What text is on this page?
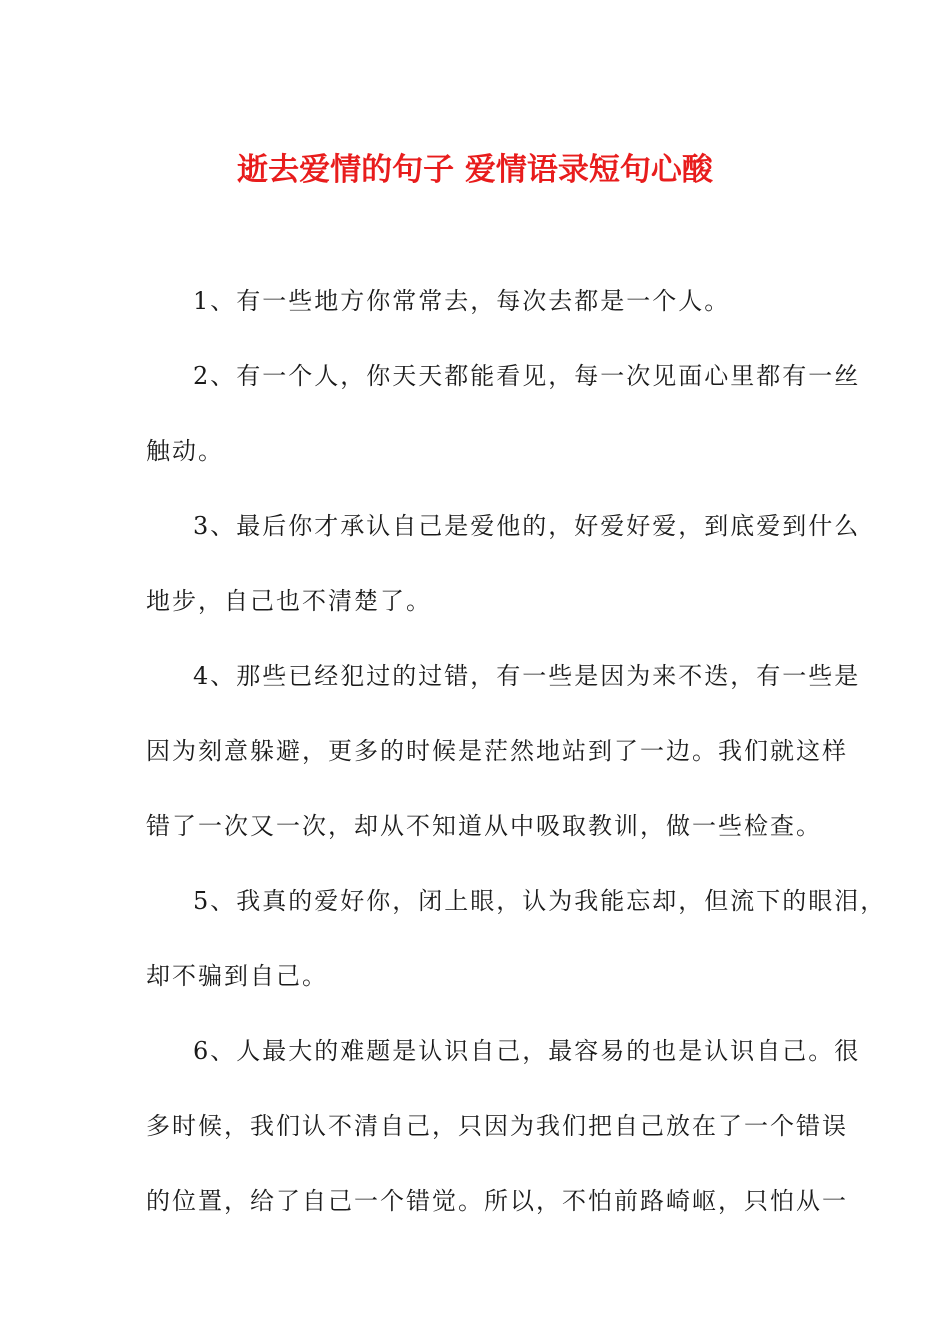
逝去爱情的句子 爱情语录短句心酸
1、有一些地方你常常去，每次去都是一个人。
2、有一个人，你天天都能看见，每一次见面心里都有一丝
触动。
3、最后你才承认自己是爱他的，好爱好爱，到底爱到什么
地步，自己也不清楚了。
4、那些已经犯过的过错，有一些是因为来不迭，有一些是
因为刻意躲避，更多的时候是茫然地站到了一边。我们就这样
错了一次又一次，却从不知道从中吸取教训，做一些检查。
5、我真的爱好你，闭上眼，认为我能忘却，但流下的眼泪，
却不骗到自己。
6、人最大的难题是认识自己，最容易的也是认识自己。很
多时候，我们认不清自己，只因为我们把自己放在了一个错误
的位置，给了自己一个错觉。所以，不怕前路崎岖，只怕从一
